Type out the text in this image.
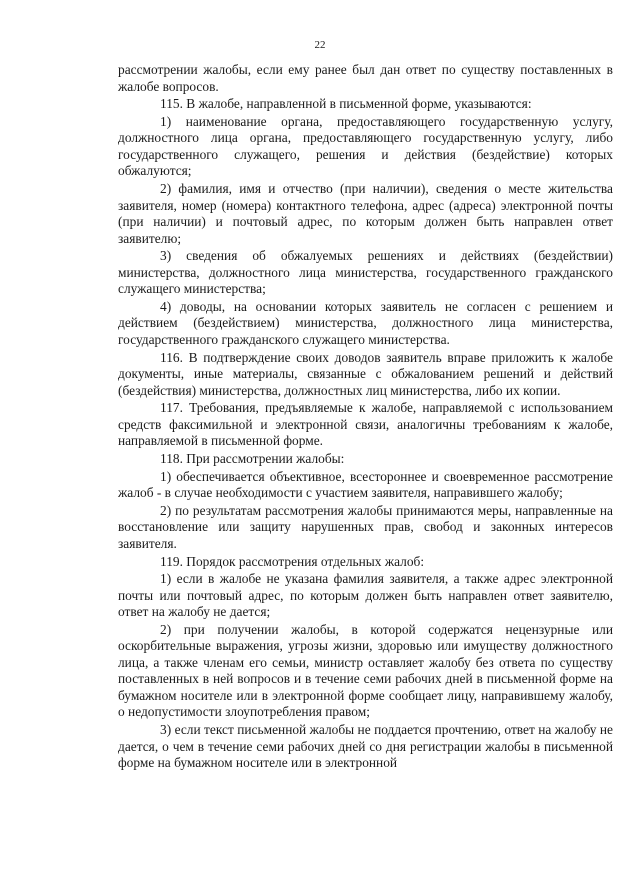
22

рассмотрении жалобы, если ему ранее был дан ответ по существу поставленных в жалобе вопросов.

115. В жалобе, направленной в письменной форме, указываются:

1) наименование органа, предоставляющего государственную услугу, должностного лица органа, предоставляющего государственную услугу, либо государственного служащего, решения и действия (бездействие) которых обжалуются;

2) фамилия, имя и отчество (при наличии), сведения о месте жительства заявителя, номер (номера) контактного телефона, адрес (адреса) электронной почты (при наличии) и почтовый адрес, по которым должен быть направлен ответ заявителю;

3) сведения об обжалуемых решениях и действиях (бездействии) министерства, должностного лица министерства, государственного гражданского служащего министерства;

4) доводы, на основании которых заявитель не согласен с решением и действием (бездействием) министерства, должностного лица министерства, государственного гражданского служащего министерства.

116. В подтверждение своих доводов заявитель вправе приложить к жалобе документы, иные материалы, связанные с обжалованием решений и действий (бездействия) министерства, должностных лиц министерства, либо их копии.

117. Требования, предъявляемые к жалобе, направляемой с использованием средств факсимильной и электронной связи, аналогичны требованиям к жалобе, направляемой в письменной форме.

118. При рассмотрении жалобы:

1) обеспечивается объективное, всестороннее и своевременное рассмотрение жалоб - в случае необходимости с участием заявителя, направившего жалобу;

2) по результатам рассмотрения жалобы принимаются меры, направленные на восстановление или защиту нарушенных прав, свобод и законных интересов заявителя.

119. Порядок рассмотрения отдельных жалоб:

1) если в жалобе не указана фамилия заявителя, а также адрес электронной почты или почтовый адрес, по которым должен быть направлен ответ заявителю, ответ на жалобу не дается;

2) при получении жалобы, в которой содержатся нецензурные или оскорбительные выражения, угрозы жизни, здоровью или имуществу должностного лица, а также членам его семьи, министр оставляет жалобу без ответа по существу поставленных в ней вопросов и в течение семи рабочих дней в письменной форме на бумажном носителе или в электронной форме сообщает лицу, направившему жалобу, о недопустимости злоупотребления правом;

3) если текст письменной жалобы не поддается прочтению, ответ на жалобу не дается, о чем в течение семи рабочих дней со дня регистрации жалобы в письменной форме на бумажном носителе или в электронной
